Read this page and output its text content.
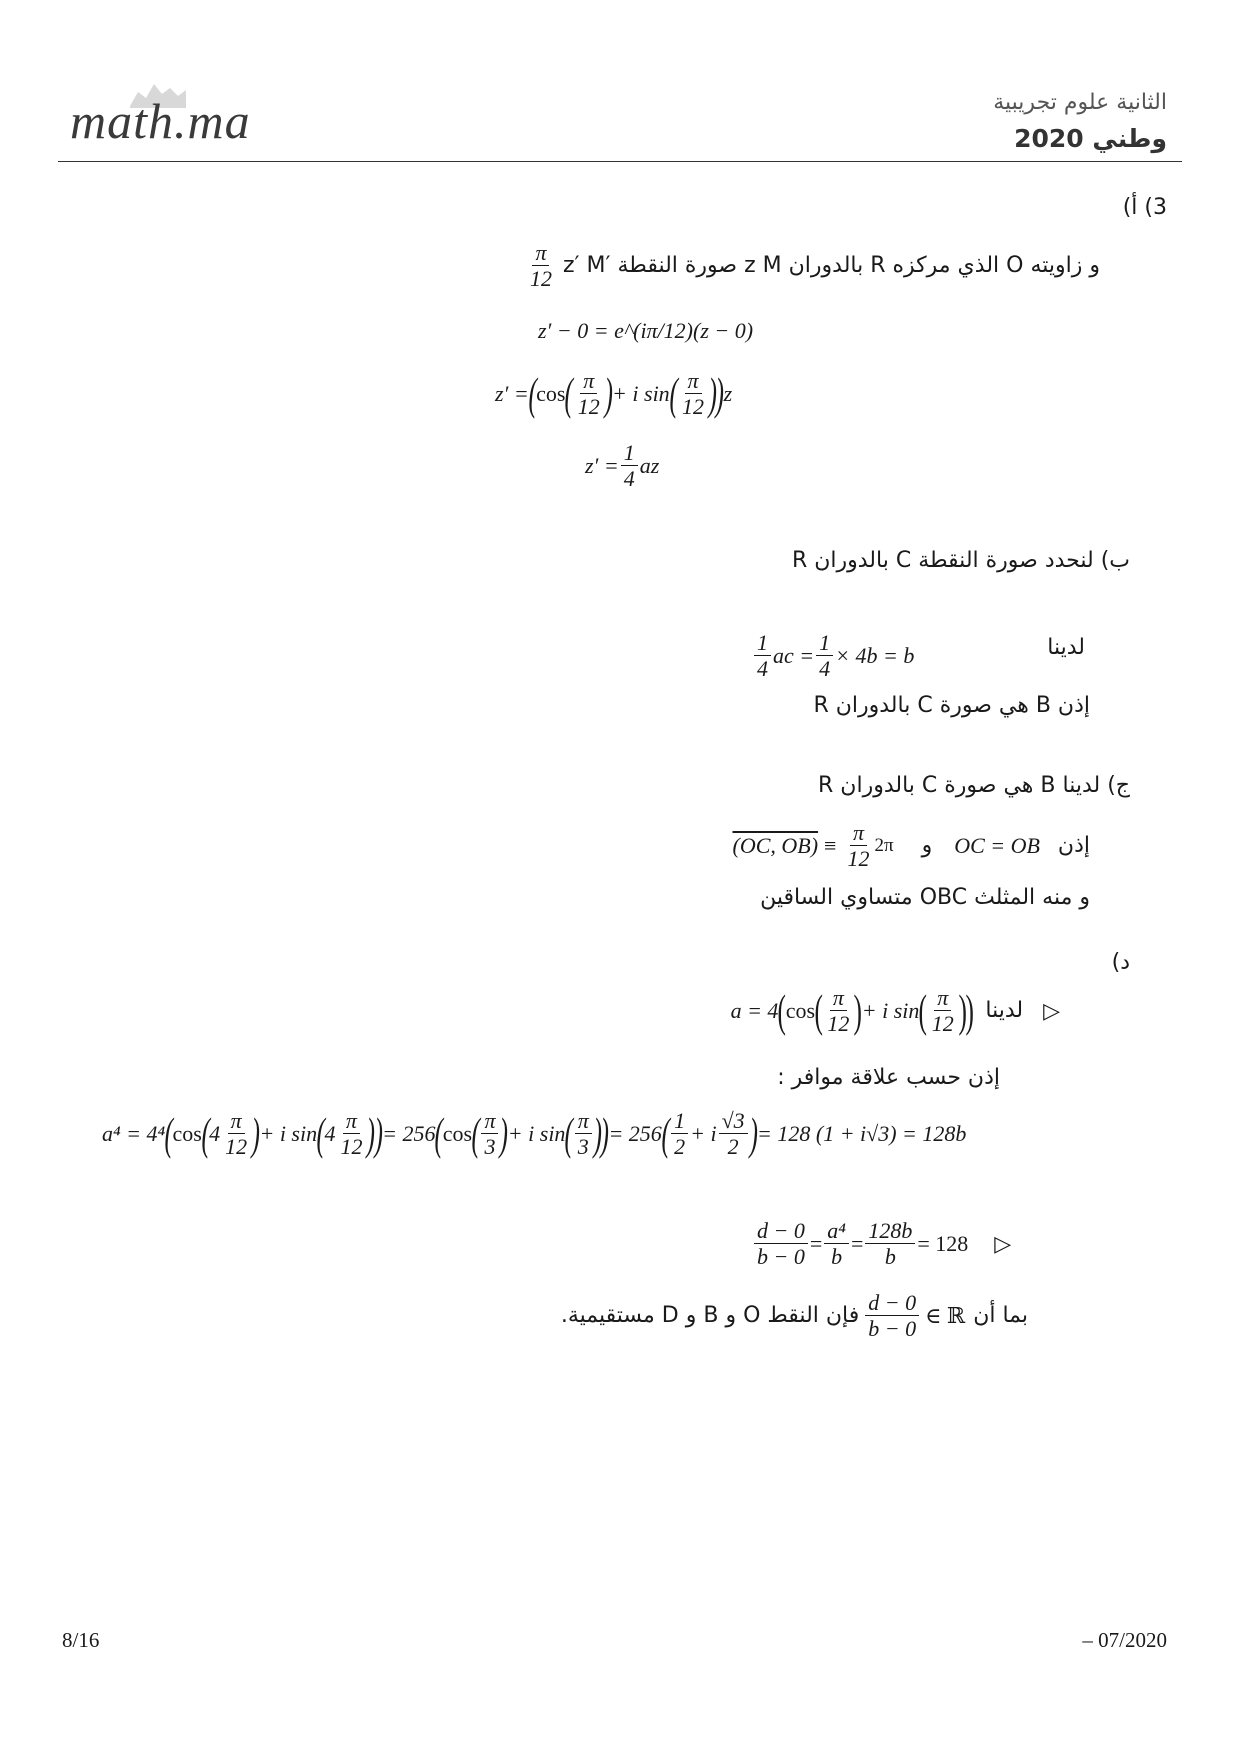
math.ma	الثانية علوم تجريبية
وطني 2020
3) أ)
$\frac{\pi}{12} z'$ M′ صورة النقطة z M بالدوران R الذي مركزه O و زاويته
z′ − 0 = e^(iπ/12)(z − 0)
z′ = ( cos ( $\frac{\pi}{12}$ ) + i sin ( $\frac{\pi}{12}$ )
) z
$z' = \frac{1}{4}$ az
ب) لنحدد صورة النقطة C بالدوران R
لدينا
$\frac{1}{4}$ ac = $\frac{1}{4} \times 4b = b$
إذن B هي صورة C بالدوران R
ج) لدينا B هي صورة C بالدوران R
(OC, $OB) \equiv \frac{\pi}{12} 2\pi$ و OC = OB إذن
و منه المثلث OBC متساوي الساقين
د)
a = 4 ( cos ( $\frac{\pi}{12}$ ) + i sin ( $\frac{\pi}{12}$ )
) لدينا ▷
إذن حسب علاقة موافر :
a⁴ = 4⁴ ( cos ( $4 \frac{\pi}{12}$ ) + i sin ( $4 \frac{\pi}{12}$ )
) = 256 ( cos ( $\frac{\pi}{3}$ ) + i sin ( $\frac{\pi}{3}$ )
) = 256 ( $\frac{1}{2} + i \frac{√3}{2}$ ) = 128 (1 + i√3) = 128b
$\frac{d - 0}{b - 0} = \frac{\text{a⁴}}{b} = \frac{128b}{b} = 128$ ▷
فإن النقط O و B و D مستقيمية. $\frac{d - 0}{b - 0}$ ∈ ℝ بما أن
8/16	– 07/2020
